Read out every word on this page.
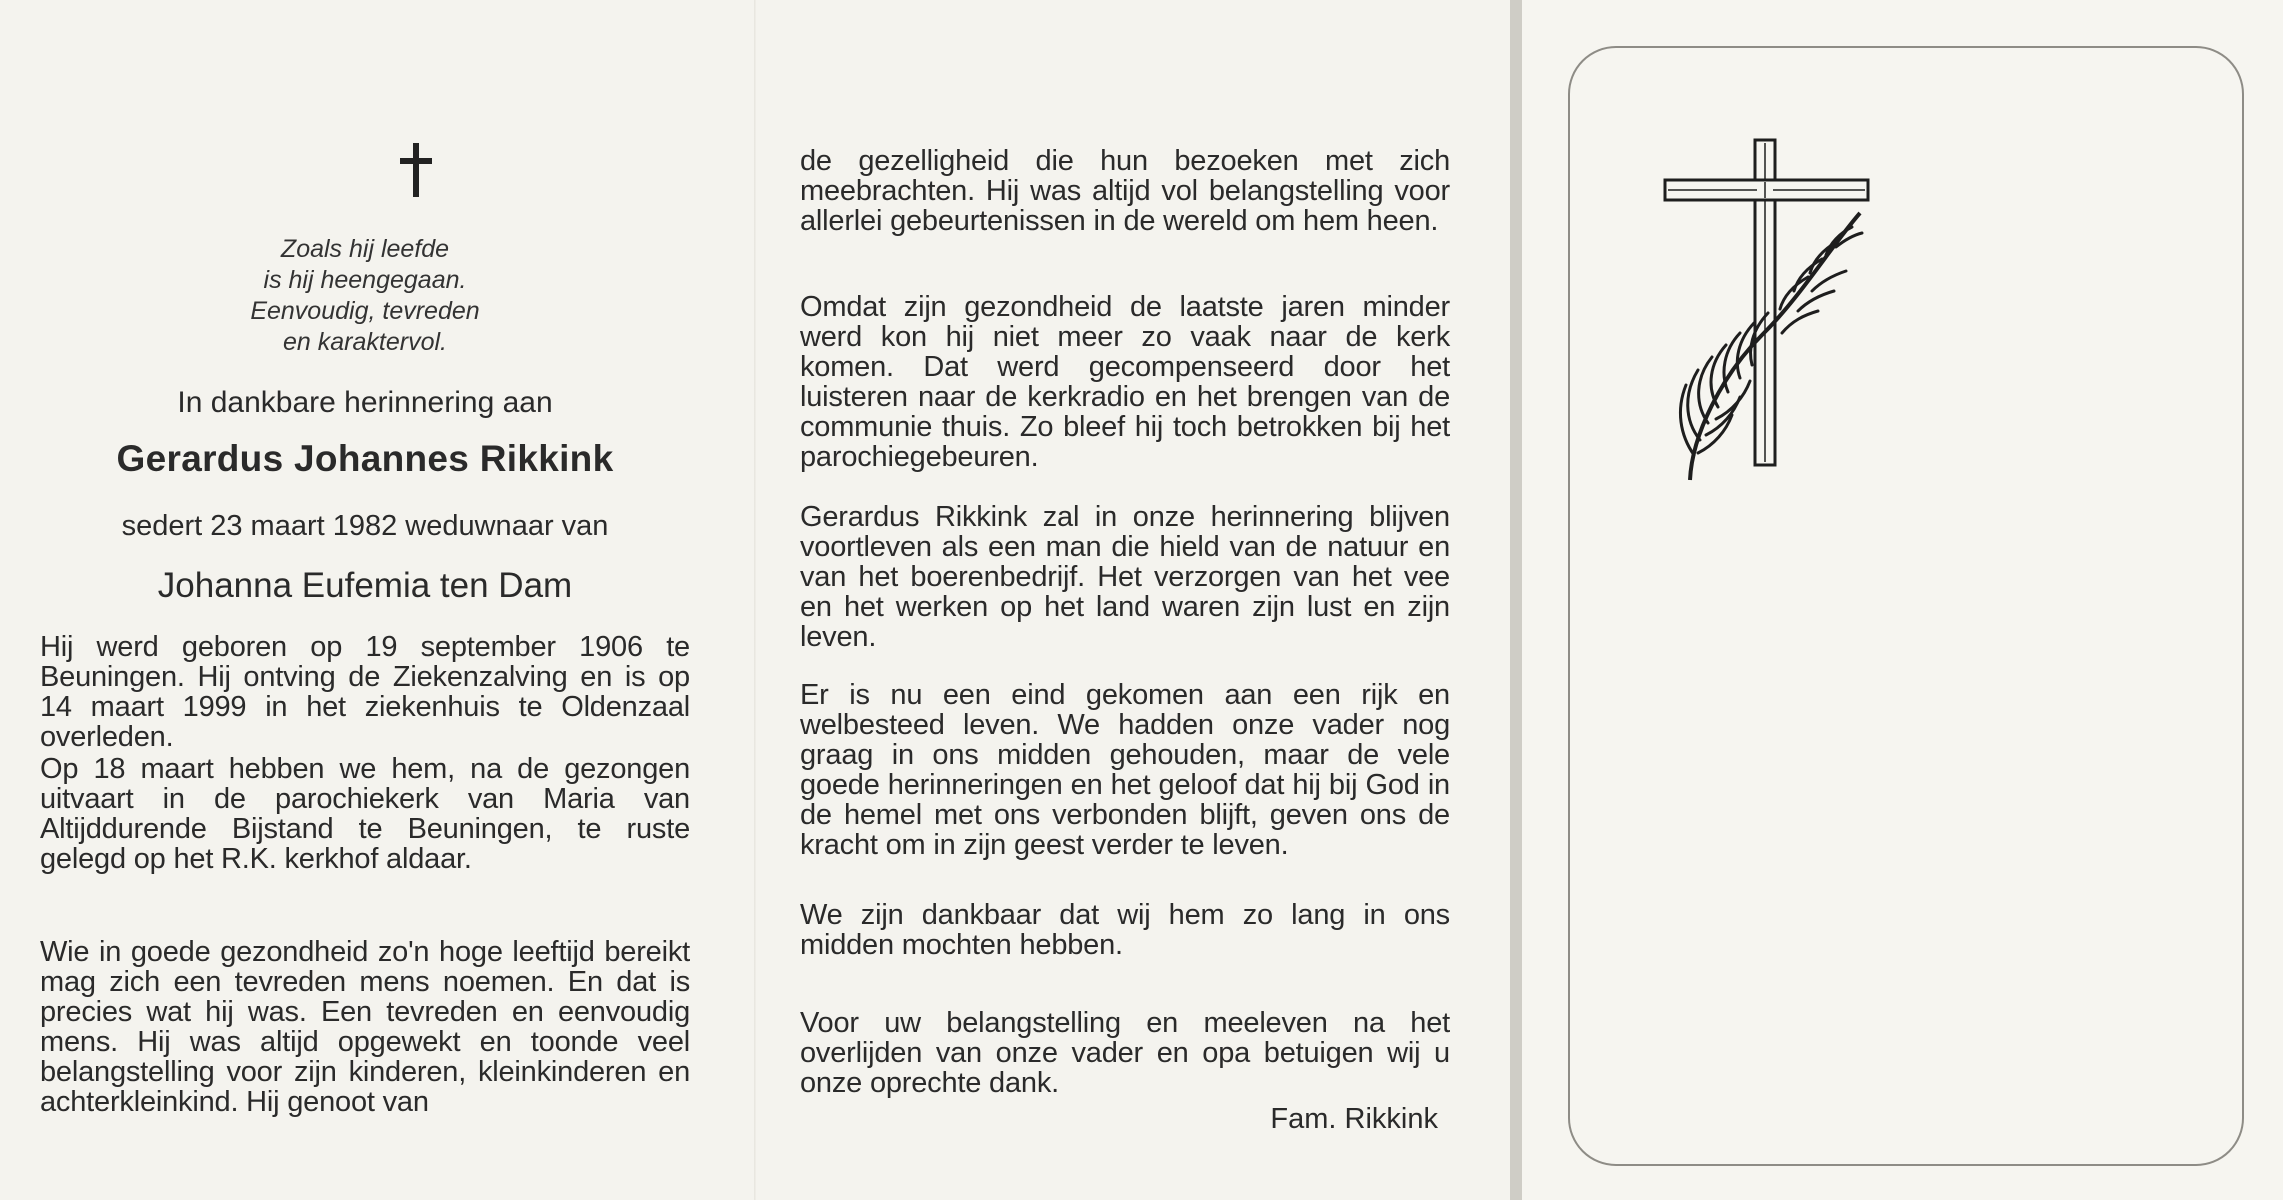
Zoals hij leefde
is hij heengegaan.
Eenvoudig, tevreden
en karaktervol.
In dankbare herinnering aan
Gerardus Johannes Rikkink
sedert 23 maart 1982 weduwnaar van
Johanna Eufemia ten Dam
Hij werd geboren op 19 september 1906 te Beuningen. Hij ontving de Ziekenzalving en is op 14 maart 1999 in het ziekenhuis te Oldenzaal overleden.
Op 18 maart hebben we hem, na de gezongen uitvaart in de parochiekerk van Maria van Altijddurende Bijstand te Beuningen, te ruste gelegd op het R.K. kerkhof aldaar.
Wie in goede gezondheid zo'n hoge leeftijd bereikt mag zich een tevreden mens noemen. En dat is precies wat hij was. Een tevreden en eenvoudig mens. Hij was altijd opgewekt en toonde veel belangstelling voor zijn kinderen, kleinkinderen en achterkleinkind. Hij genoot van
de gezelligheid die hun bezoeken met zich meebrachten. Hij was altijd vol belangstelling voor allerlei gebeurtenissen in de wereld om hem heen.
Omdat zijn gezondheid de laatste jaren minder werd kon hij niet meer zo vaak naar de kerk komen. Dat werd gecompenseerd door het luisteren naar de kerkradio en het brengen van de communie thuis. Zo bleef hij toch betrokken bij het parochiegebeuren.
Gerardus Rikkink zal in onze herinnering blijven voortleven als een man die hield van de natuur en van het boerenbedrijf. Het verzorgen van het vee en het werken op het land waren zijn lust en zijn leven.
Er is nu een eind gekomen aan een rijk en welbesteed leven. We hadden onze vader nog graag in ons midden gehouden, maar de vele goede herinneringen en het geloof dat hij bij God in de hemel met ons verbonden blijft, geven ons de kracht om in zijn geest verder te leven.
We zijn dankbaar dat wij hem zo lang in ons midden mochten hebben.
Voor uw belangstelling en meeleven na het overlijden van onze vader en opa betuigen wij u onze oprechte dank.
Fam. Rikkink
